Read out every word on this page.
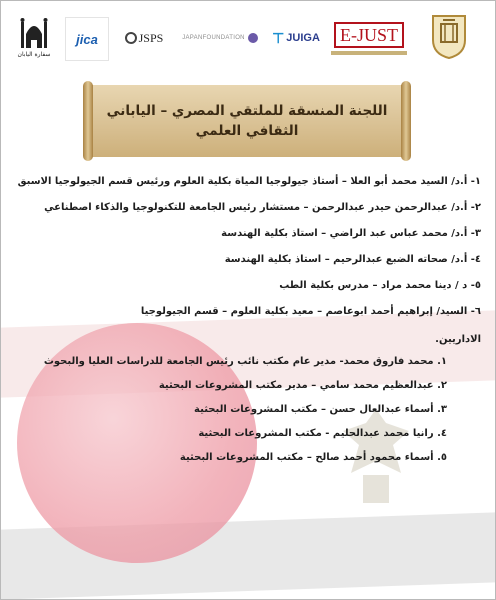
سفارة اليابان
jica	JSPS	JAPANFOUNDATION ⊤ JUIGA	E-JUST
اللجنة المنسقة للملتقي المصري – الياباني
الثقافي العلمي
١- أ.د/ السيد محمد أبو العلا – أستاذ جيولوجيا المياة بكلية العلوم ورئيس قسم الجيولوجيا الاسبق
٢- أ.د/ عبدالرحمن حيدر عبدالرحمن – مستشار رئيس الجامعة للتكنولوجيا والذكاء اصطناعي
٣- أ.د/ محمد عباس عبد الراضي – استاذ بكلية الهندسة
٤- أ.د/ صحاته الضبع عبدالرحيم – استاذ بكلية الهندسة
٥- د / دينا محمد مراد – مدرس بكلية الطب
٦- السيد/ إبراهيم أحمد ابوعاصم – معيد بكلية العلوم – قسم الجيولوجيا
الاداريين.
١. محمد فاروق محمد- مدير عام مكتب نائب رئيس الجامعة للدراسات العليا والبحوث
٢. عبدالعظيم محمد سامي – مدير مكتب المشروعات البحثية
٣. أسماء عبدالعال حسن – مكتب المشروعات البحثية
٤. رانيا محمد عبدالحليم - مكتب المشروعات البحثية
٥. أسماء محمود أحمد صالح – مكتب المشروعات البحثية
